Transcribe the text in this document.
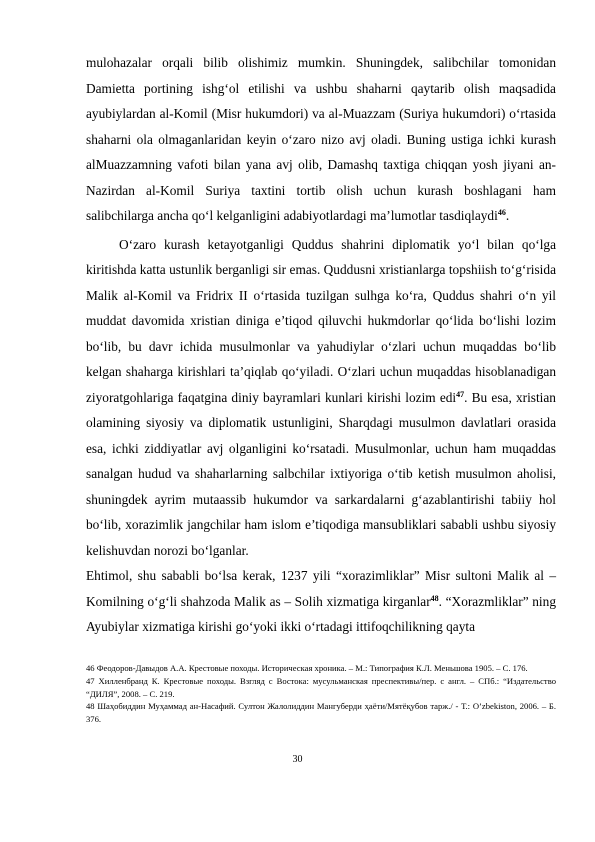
mulohazalar orqali bilib olishimiz mumkin. Shuningdek, salibchilar tomonidan Damietta portining ishg‘ol etilishi va ushbu shaharni qaytarib olish maqsadida ayubiylardan al-Komil (Misr hukumdori) va al-Muazzam (Suriya hukumdori) o‘rtasida shaharni ola olmaganlaridan keyin o‘zaro nizo avj oladi. Buning ustiga ichki kurash alMuazzamning vafoti bilan yana avj olib, Damashq taxtiga chiqqan yosh jiyani an-Nazirdan al-Komil Suriya taxtini tortib olish uchun kurash boshlagani ham salibchilarga ancha qo‘l kelganligini adabiyotlardagi ma’lumotlar tasdiqlaydi$^{46}$.

O‘zaro kurash ketayotganligi Quddus shahrini diplomatik yo‘l bilan qo‘lga kiritishda katta ustunlik berganligi sir emas. Quddusni xristianlarga topshiish to‘g‘risida Malik al-Komil va Fridrix II o‘rtasida tuzilgan sulhga ko‘ra, Quddus shahri o‘n yil muddat davomida xristian diniga e’tiqod qiluvchi hukmdorlar qo‘lida bo‘lishi lozim bo‘lib, bu davr ichida musulmonlar va yahudiylar o‘zlari uchun muqaddas bo‘lib kelgan shaharga kirishlari ta’qiqlab qo‘yiladi. O‘zlari uchun muqaddas hisoblanadigan ziyoratgohlariga faqatgina diniy bayramlari kunlari kirishi lozim edi$^{47}$. Bu esa, xristian olamining siyosiy va diplomatik ustunligini, Sharqdagi musulmon davlatlari orasida esa, ichki ziddiyatlar avj olganligini ko‘rsatadi. Musulmonlar, uchun ham muqaddas sanalgan hudud va shaharlarning salbchilar ixtiyoriga o‘tib ketish musulmon aholisi, shuningdek ayrim mutaassib hukumdor va sarkardalarni g‘azablantirishi tabiiy hol bo‘lib, xorazimlik jangchilar ham islom e’tiqodiga mansubliklari sababli ushbu siyosiy kelishuvdan norozi bo‘lganlar.

Ehtimol, shu sababli bo‘lsa kerak, 1237 yili “xorazimliklar” Misr sultoni Malik al – Komilning o‘g‘li shahzoda Malik as – Solih xizmatiga kirganlar$^{48}$. “Xorazmliklar” ning Ayubiylar xizmatiga kirishi go‘yoki ikki o‘rtadagi ittifoqchilikning qayta

46 Феодоров-Давыдов А.А. Крестовые походы. Историческая хроника. – М.: Типография К.Л. Меньшова 1905. – С. 176.

47 Хилленбранд К. Крестовые походы. Взгляд с Востока: мусульманская преспективы/пер. с англ. – СПб.: “Издательство “ДИЛЯ”, 2008. – С. 219.

48 Шаҳобиддин Муҳаммад ан-Насафий. Султон Жалолиддин Мангуберди ҳаёти/Мятёқубов тарж./ - Т.: O’zbekiston, 2006. – Б. 376.

30
